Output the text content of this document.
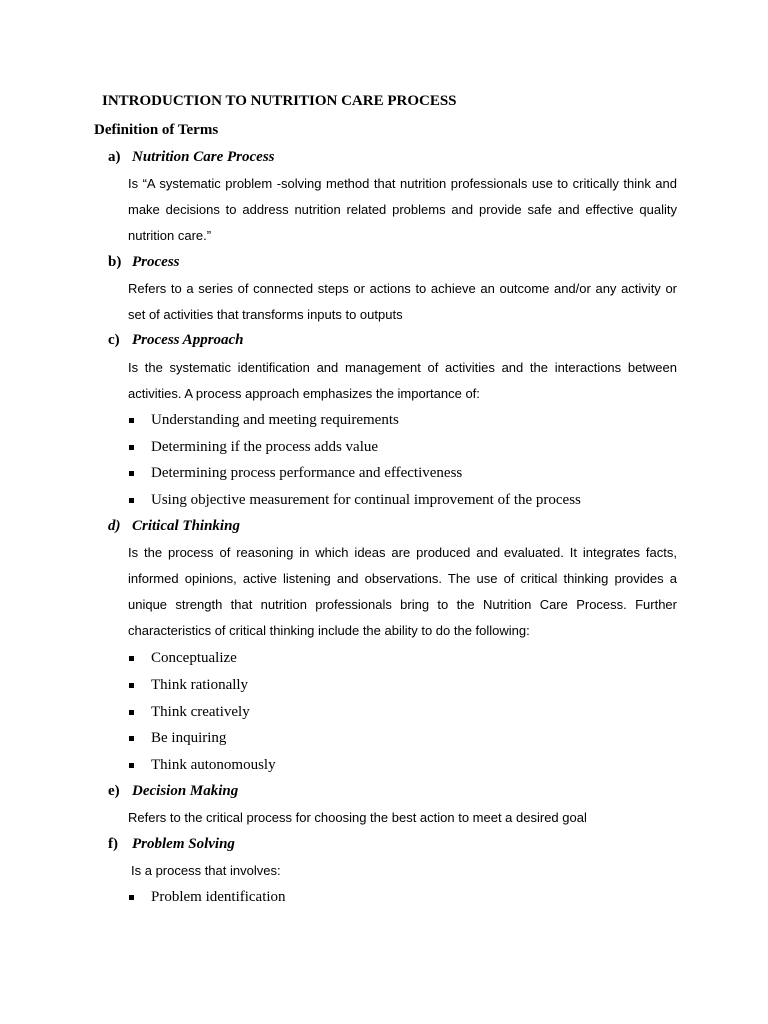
INTRODUCTION TO NUTRITION CARE PROCESS
Definition of Terms
a) Nutrition Care Process
Is “A systematic problem -solving method that nutrition professionals use to critically think and make decisions to address nutrition related problems and provide safe and effective quality nutrition care.”
b) Process
Refers to a series of connected steps or actions to achieve an outcome and/or any activity or set of activities that transforms inputs to outputs
c) Process Approach
Is the systematic identification and management of activities and the interactions between activities. A process approach emphasizes the importance of:
Understanding and meeting requirements
Determining if the process adds value
Determining process performance and effectiveness
Using objective measurement for continual improvement of the process
d) Critical Thinking
Is the process of reasoning in which ideas are produced and evaluated. It integrates facts, informed opinions, active listening and observations. The use of critical thinking provides a unique strength that nutrition professionals bring to the Nutrition Care Process. Further characteristics of critical thinking include the ability to do the following:
Conceptualize
Think rationally
Think creatively
Be inquiring
Think autonomously
e) Decision Making
Refers to the critical process for choosing the best action to meet a desired goal
f) Problem Solving
Is a process that involves:
Problem identification
